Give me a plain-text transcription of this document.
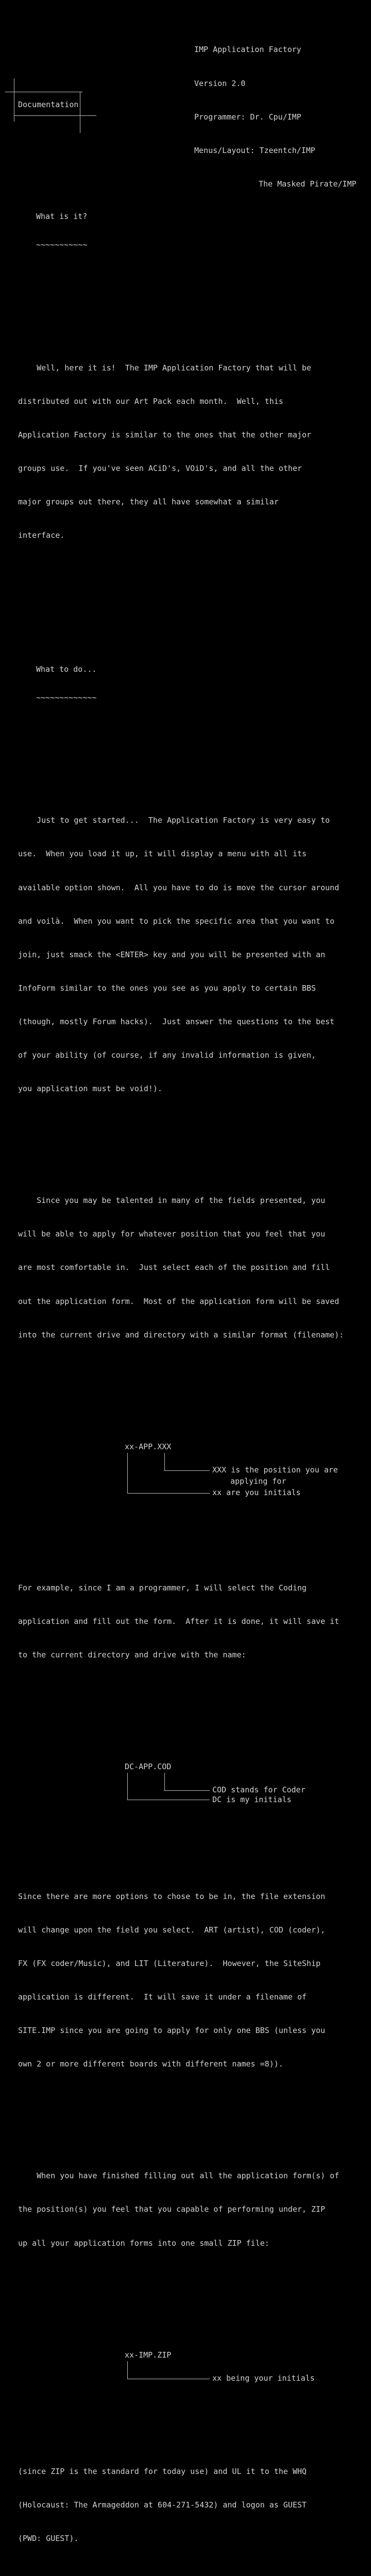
IMP Application Factory

Version 2.0

Programmer: Dr. Cpu/IMP

Menus/Layout: Tzeentch/IMP

The Masked Pirate/IMP

Documentation

What is it?

~~~~~~~~~~~

Well, here it is!  The IMP Application Factory that will be

distributed out with our Art Pack each month.  Well, this

Application Factory is similar to the ones that the other major

groups use.  If you've seen ACiD's, VOiD's, and all the other

major groups out there, they all have somewhat a similar

interface.

What to do...

~~~~~~~~~~~~~

Just to get started...  The Application Factory is very easy to

use.  When you load it up, it will display a menu with all its

available option shown.  All you have to do is move the cursor around

and voilà.  When you want to pick the specific area that you want to

join, just smack the <ENTER> key and you will be presented with an

InfoForm similar to the ones you see as you apply to certain BBS

(though, mostly Forum hacks).  Just answer the questions to the best

of your ability (of course, if any invalid information is given,

you application must be void!).

Since you may be talented in many of the fields presented, you

will be able to apply for whatever position that you feel that you

are most comfortable in.  Just select each of the position and fill

out the application form.  Most of the application form will be saved

into the current drive and directory with a similar format (filename):

xx-APP.XXX

XXX is the position you are

applying for

xx are you initials

For example, since I am a programmer, I will select the Coding

application and fill out the form.  After it is done, it will save it

to the current directory and drive with the name:

DC-APP.COD

COD stands for Coder

DC is my initials

Since there are more options to chose to be in, the file extension

will change upon the field you select.  ART (artist), COD (coder),

FX (FX coder/Music), and LIT (Literature).  However, the SiteShip

application is different.  It will save it under a filename of

SITE.IMP since you are going to apply for only one BBS (unless you

own 2 or more different boards with different names =8)).

When you have finished filling out all the application form(s) of

the position(s) you feel that you capable of performing under, ZIP

up all your application forms into one small ZIP file:

xx-IMP.ZIP

xx being your initials

(since ZIP is the standard for today use) and UL it to the WHQ

(Holocaust: The Armageddon at 604-271-5432) and logon as GUEST

(PWD: GUEST).
